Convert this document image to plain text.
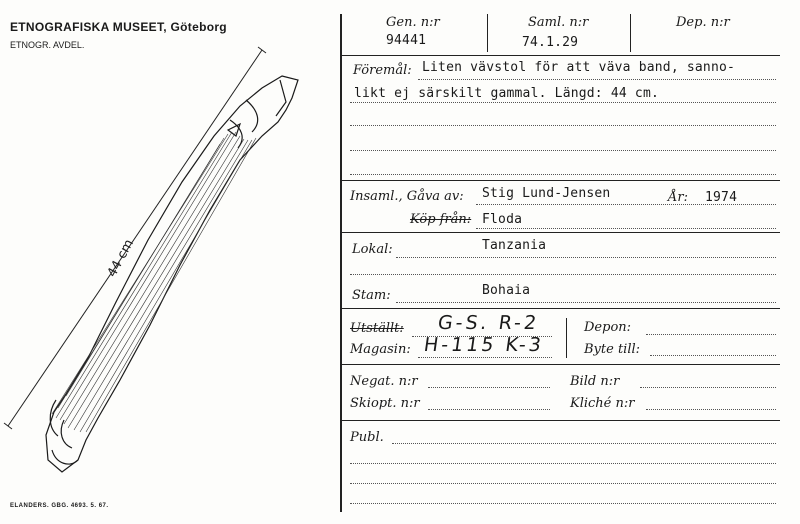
ETNOGRAFISKA MUSEET, Göteborg
ETNOGR. AVDEL.
44 cm
ELANDERS. GBG. 4693. 5. 67.
Gen. n:r
94441
Saml. n:r
74.1.29
Dep. n:r
Föremål: Liten vävstol för att väva band, sanno-
likt ej särskilt gammal. Längd: 44 cm.
Insaml., Gåva av: Stig Lund-Jensen	År: 1974
Köp från: Floda
Lokal:	Tanzania
Stam:	Bohaia
Utställt: G-S. R-2
Magasin: H-115 K-3
Depon:
Byte till:
Negat. n:r	Bild n:r
Skiopt. n:r	Kliché n:r
Publ.
